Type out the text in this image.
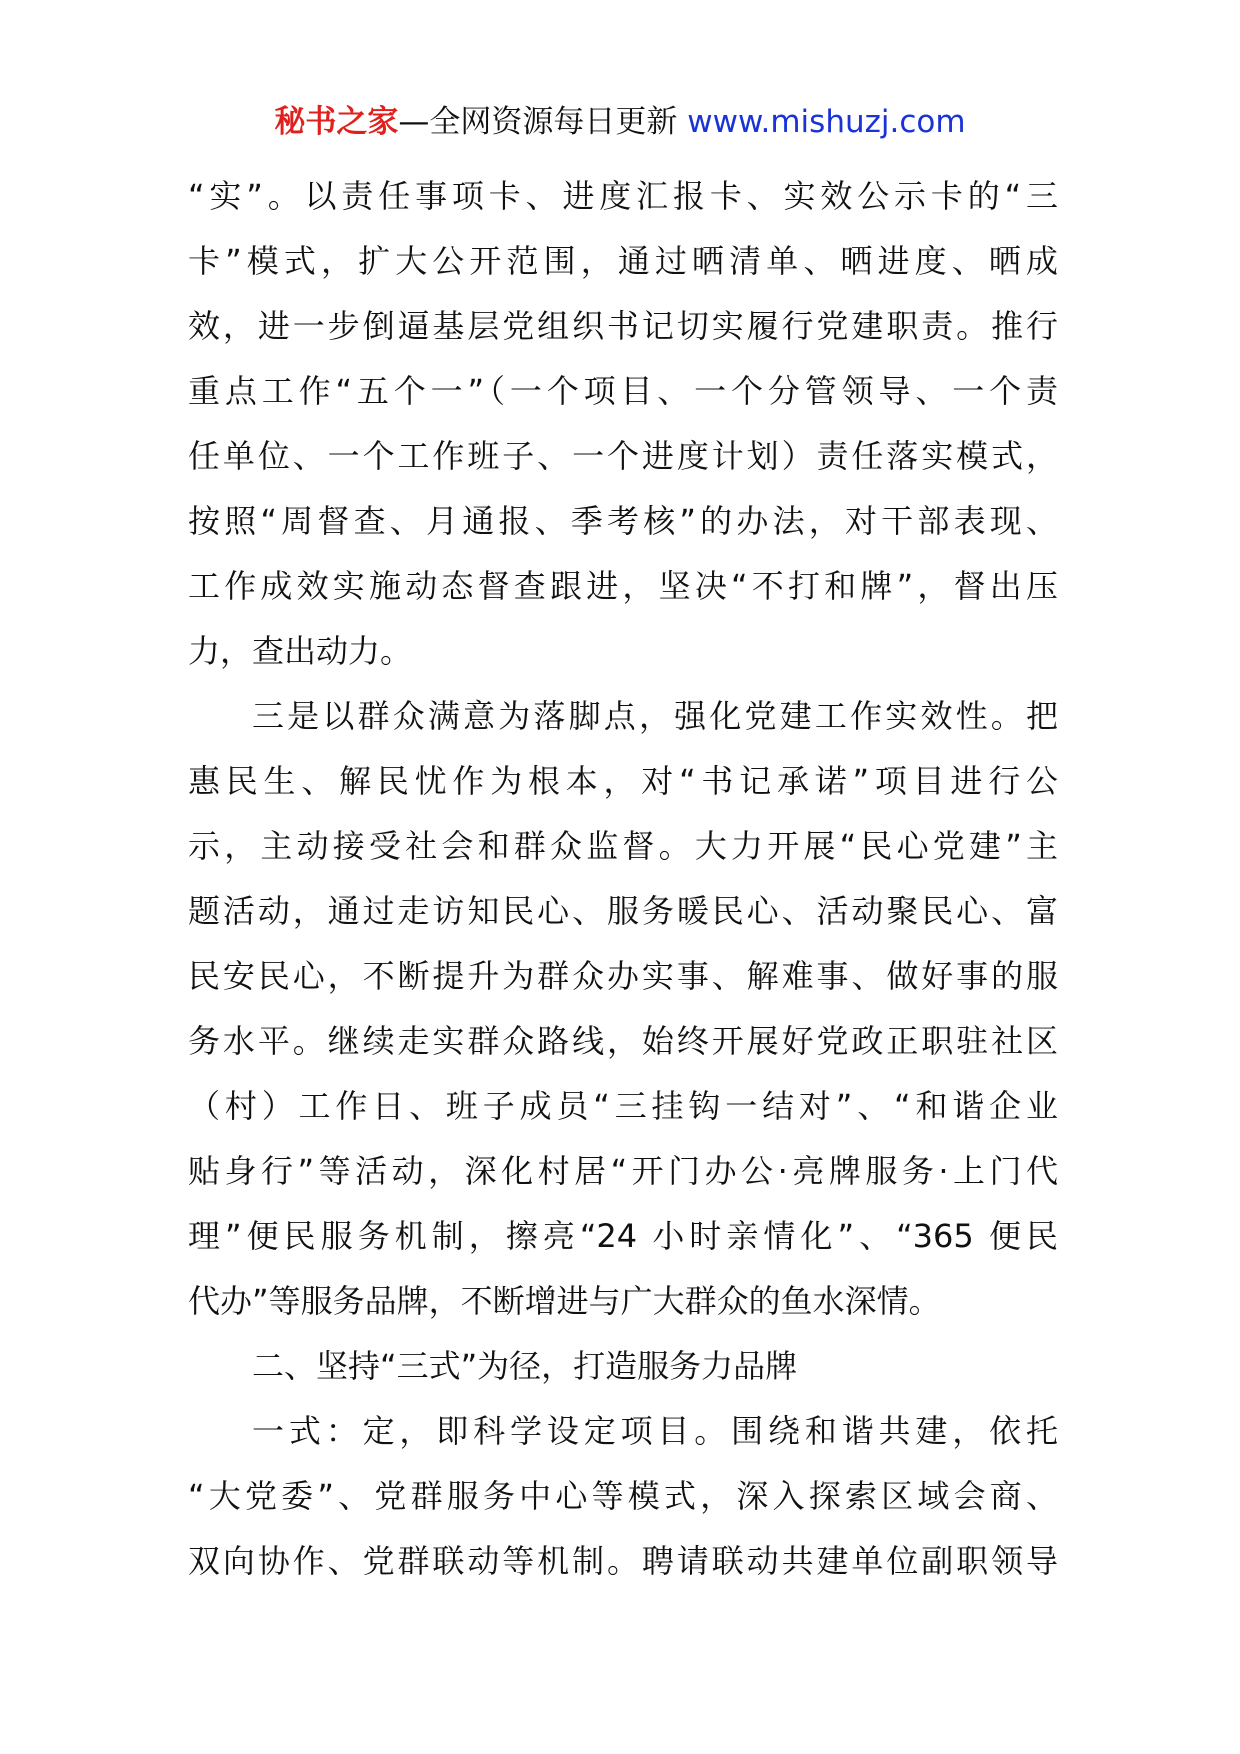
秘书之家—全网资源每日更新 www.mishuzj.com
“实”。以责任事项卡、进度汇报卡、实效公示卡的“三
卡”模式，扩大公开范围，通过晒清单、晒进度、晒成
效，进一步倒逼基层党组织书记切实履行党建职责。推行
重点工作“五个一”（一个项目、一个分管领导、一个责
任单位、一个工作班子、一个进度计划）责任落实模式，
按照“周督查、月通报、季考核”的办法，对干部表现、
工作成效实施动态督查跟进，坚决“不打和牌”，督出压
力，查出动力。
三是以群众满意为落脚点，强化党建工作实效性。把
惠民生、解民忧作为根本，对“书记承诺”项目进行公
示，主动接受社会和群众监督。大力开展“民心党建”主
题活动，通过走访知民心、服务暖民心、活动聚民心、富
民安民心，不断提升为群众办实事、解难事、做好事的服
务水平。继续走实群众路线，始终开展好党政正职驻社区
（村）工作日、班子成员“三挂钩一结对”、“和谐企业
贴身行”等活动，深化村居“开门办公·亮牌服务·上门代
理”便民服务机制，擦亮“24 小时亲情化”、“365 便民
代办”等服务品牌，不断增进与广大群众的鱼水深情。
二、坚持“三式”为径，打造服务力品牌
一式：定，即科学设定项目。围绕和谐共建，依托
“大党委”、党群服务中心等模式，深入探索区域会商、
双向协作、党群联动等机制。聘请联动共建单位副职领导
